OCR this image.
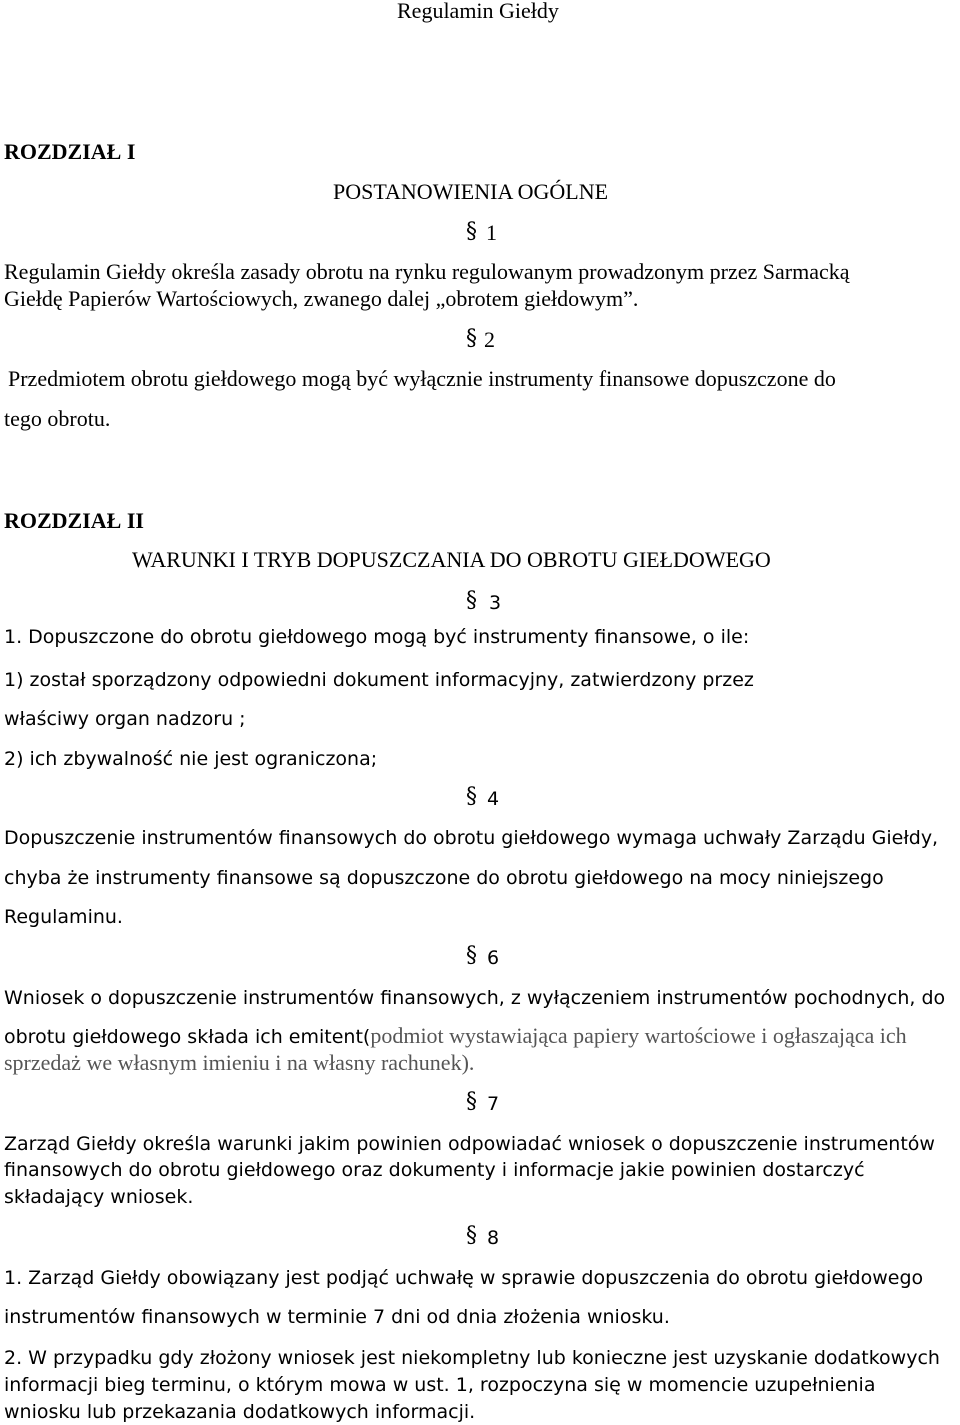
Regulamin Giełdy
ROZDZIAŁ I
POSTANOWIENIA OGÓLNE
§ 1
Regulamin Giełdy określa zasady obrotu na rynku regulowanym prowadzonym przez Sarmacką
Giełdę Papierów Wartościowych, zwanego dalej „obrotem giełdowym”.
§ 2
Przedmiotem obrotu giełdowego mogą być wyłącznie instrumenty finansowe dopuszczone do
tego obrotu.
ROZDZIAŁ II
WARUNKI I TRYB DOPUSZCZANIA DO OBROTU GIEŁDOWEGO
§ 3
1. Dopuszczone do obrotu giełdowego mogą być instrumenty finansowe, o ile:
1) został sporządzony odpowiedni dokument informacyjny, zatwierdzony przez
właściwy organ nadzoru ;
2) ich zbywalność nie jest ograniczona;
§ 4
Dopuszczenie instrumentów finansowych do obrotu giełdowego wymaga uchwały Zarządu Giełdy,
chyba że instrumenty finansowe są dopuszczone do obrotu giełdowego na mocy niniejszego
Regulaminu.
§ 6
Wniosek o dopuszczenie instrumentów finansowych, z wyłączeniem instrumentów pochodnych, do
obrotu giełdowego składa ich emitent(podmiot wystawiająca papiery wartościowe i ogłaszająca ich
sprzedaż we własnym imieniu i na własny rachunek).
§ 7
Zarząd Giełdy określa warunki jakim powinien odpowiadać wniosek o dopuszczenie instrumentów
finansowych do obrotu giełdowego oraz dokumenty i informacje jakie powinien dostarczyć
składający wniosek.
§ 8
1. Zarząd Giełdy obowiązany jest podjąć uchwałę w sprawie dopuszczenia do obrotu giełdowego
instrumentów finansowych w terminie 7 dni od dnia złożenia wniosku.
2. W przypadku gdy złożony wniosek jest niekompletny lub konieczne jest uzyskanie dodatkowych
informacji bieg terminu, o którym mowa w ust. 1, rozpoczyna się w momencie uzupełnienia
wniosku lub przekazania dodatkowych informacji.
